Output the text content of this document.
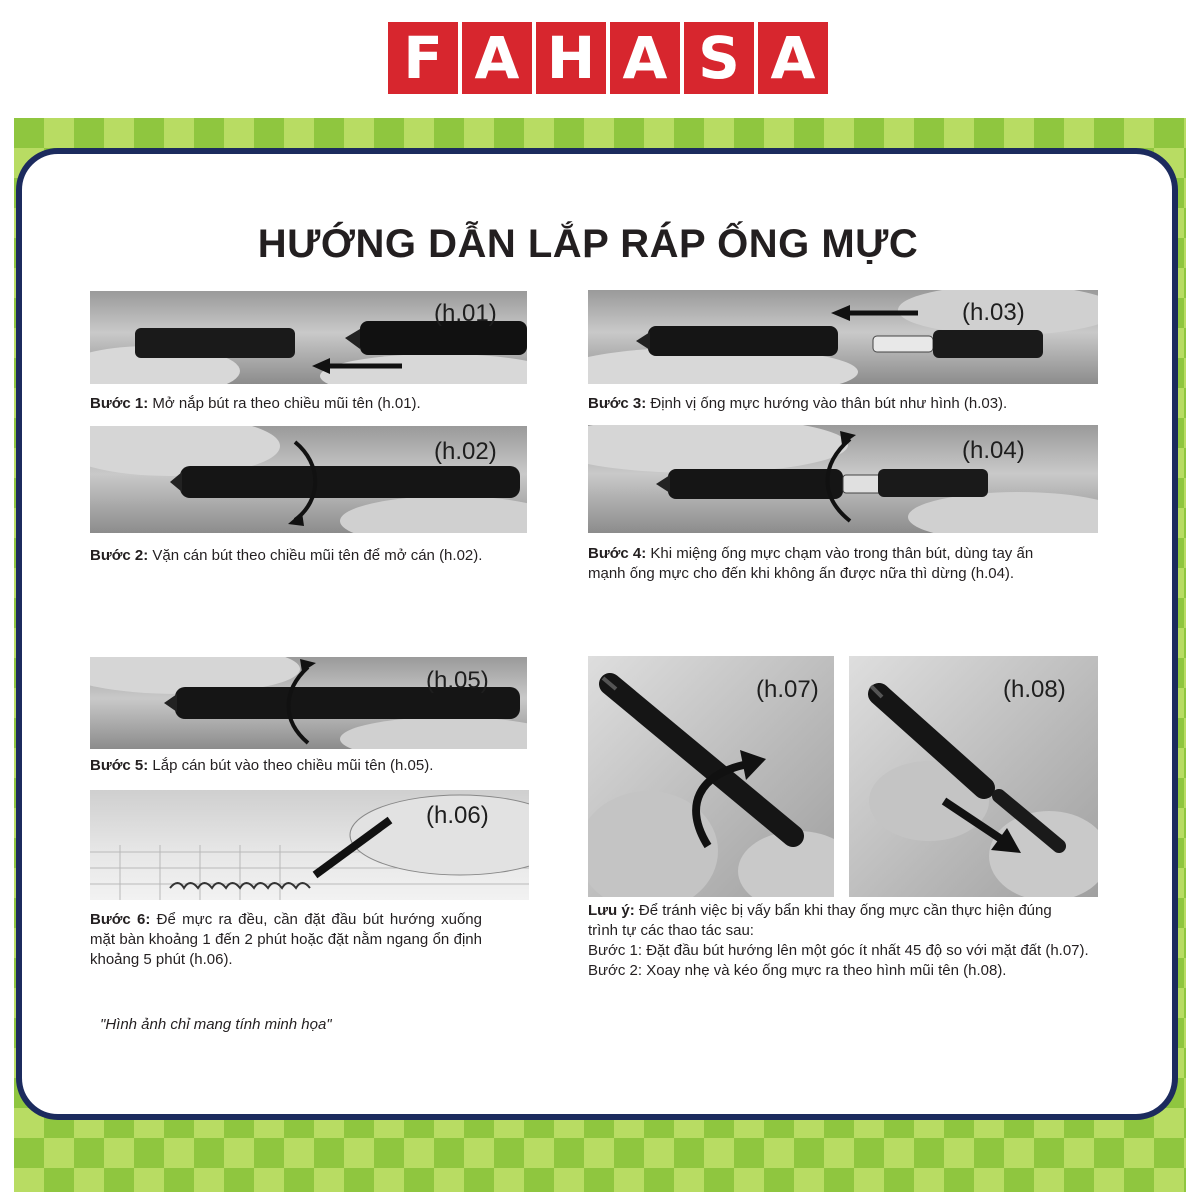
F A H A S A
HƯỚNG DẪN LẮP RÁP ỐNG MỰC
(h.01)
Bước 1: Mở nắp bút ra theo chiều mũi tên (h.01).
(h.02)
Bước 2: Vặn cán bút theo chiều mũi tên để mở cán (h.02).
(h.03)
Bước 3: Định vị ống mực hướng vào thân bút như hình (h.03).
(h.04)
Bước 4: Khi miệng ống mực chạm vào trong thân bút, dùng tay ấn mạnh ống mực cho đến khi không ấn được nữa thì dừng (h.04).
(h.05)
Bước 5: Lắp cán bút vào theo chiều mũi tên (h.05).
(h.06)
Bước 6: Để mực ra đều, cần đặt đầu bút hướng xuống mặt bàn khoảng 1 đến 2 phút hoặc đặt nằm ngang ổn định khoảng 5 phút (h.06).
"Hình ảnh chỉ mang tính minh họa"
(h.07)	(h.08)
Lưu ý: Để tránh việc bị vấy bẩn khi thay ống mực cần thực hiện đúng trình tự các thao tác sau:
Bước 1: Đặt đầu bút hướng lên một góc ít nhất 45 độ so với mặt đất (h.07).
Bước 2: Xoay nhẹ và kéo ống mực ra theo hình mũi tên (h.08).
